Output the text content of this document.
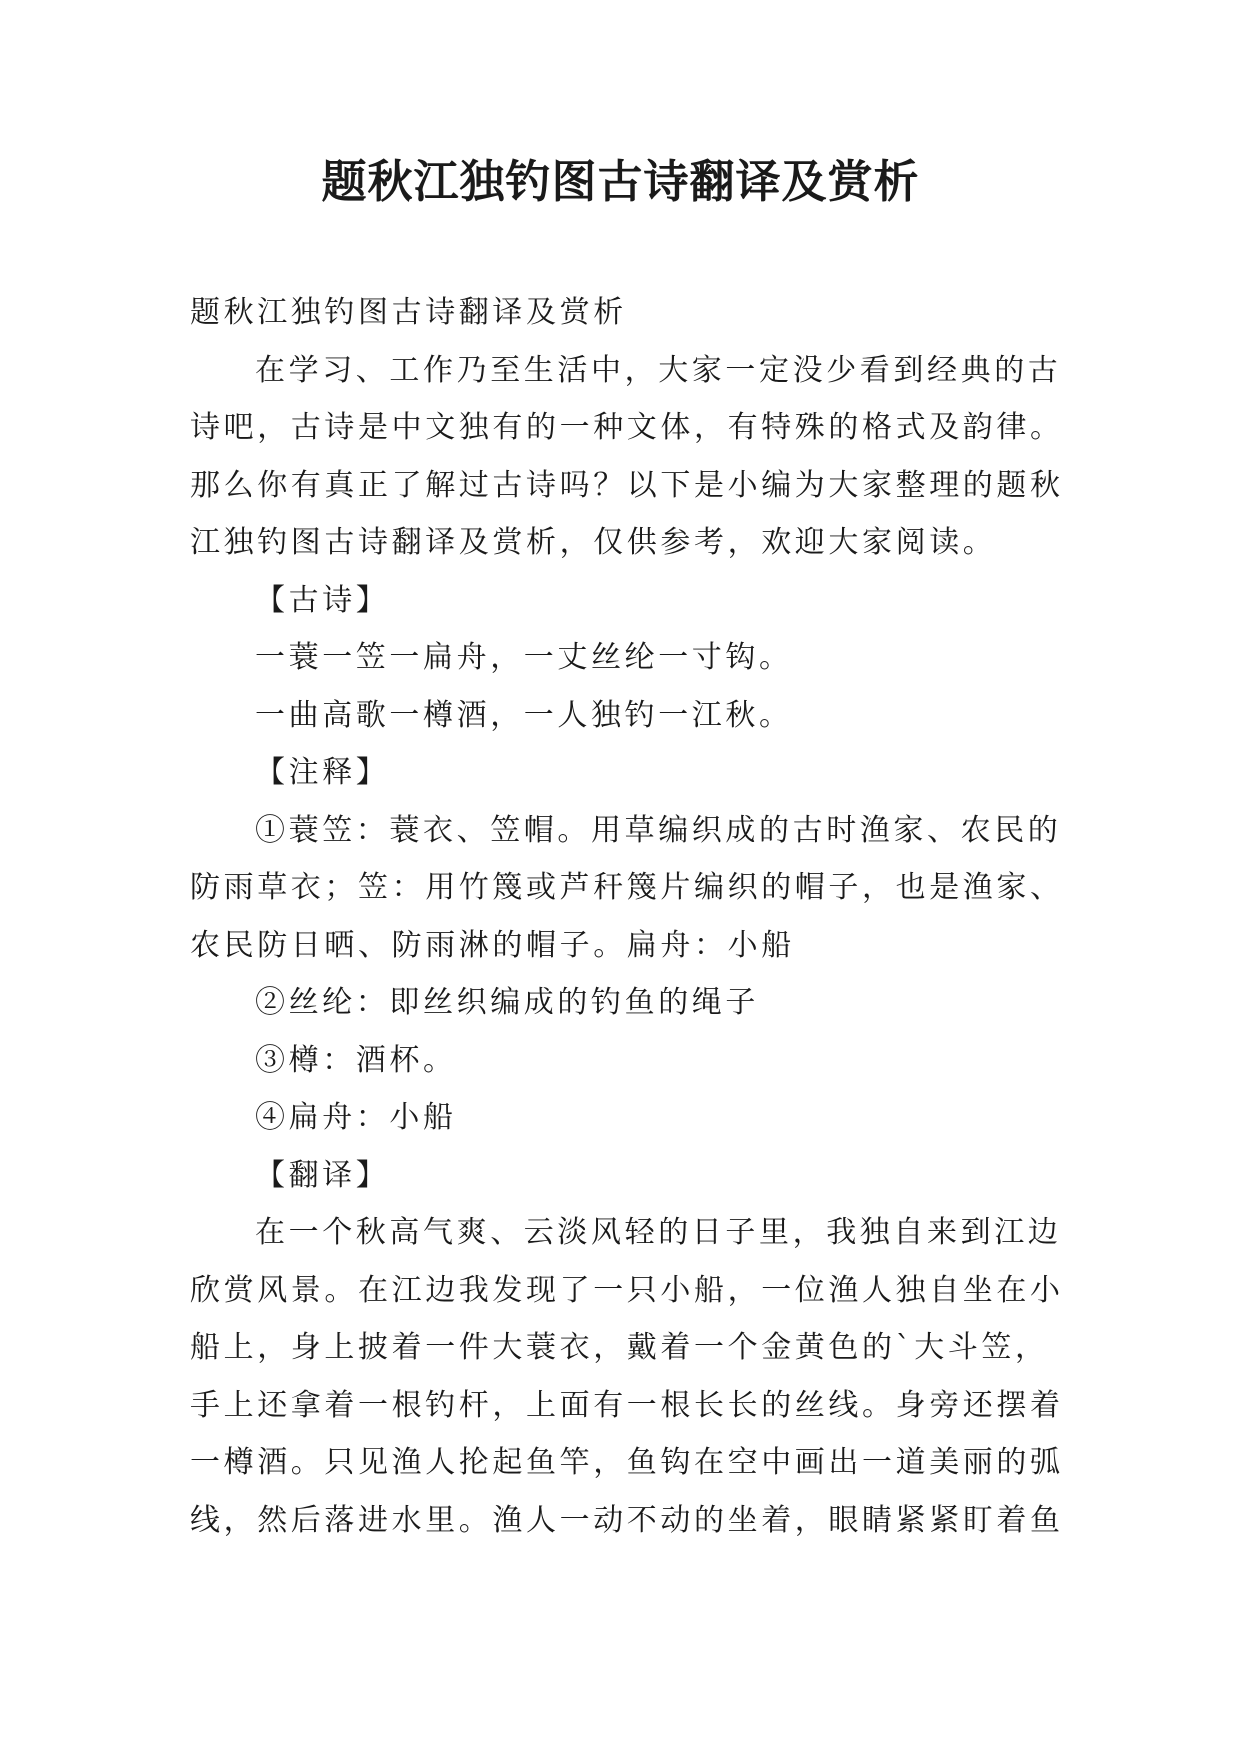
题秋江独钓图古诗翻译及赏析

题秋江独钓图古诗翻译及赏析

在学习、工作乃至生活中，大家一定没少看到经典的古诗吧，古诗是中文独有的一种文体，有特殊的格式及韵律。那么你有真正了解过古诗吗？以下是小编为大家整理的题秋江独钓图古诗翻译及赏析，仅供参考，欢迎大家阅读。

【古诗】

一蓑一笠一扁舟，一丈丝纶一寸钩。

一曲高歌一樽酒，一人独钓一江秋。

【注释】

①蓑笠：蓑衣、笠帽。用草编织成的古时渔家、农民的防雨草衣；笠：用竹篾或芦秆篾片编织的帽子，也是渔家、农民防日晒、防雨淋的帽子。扁舟：小船

②丝纶：即丝织编成的钓鱼的绳子

③樽：酒杯。

④扁舟：小船

【翻译】

在一个秋高气爽、云淡风轻的日子里，我独自来到江边欣赏风景。在江边我发现了一只小船，一位渔人独自坐在小船上，身上披着一件大蓑衣，戴着一个金黄色的`大斗笠，手上还拿着一根钓杆，上面有一根长长的丝线。身旁还摆着一樽酒。只见渔人抡起鱼竿，鱼钩在空中画出一道美丽的弧线，然后落进水里。渔人一动不动的坐着，眼睛紧紧盯着鱼
